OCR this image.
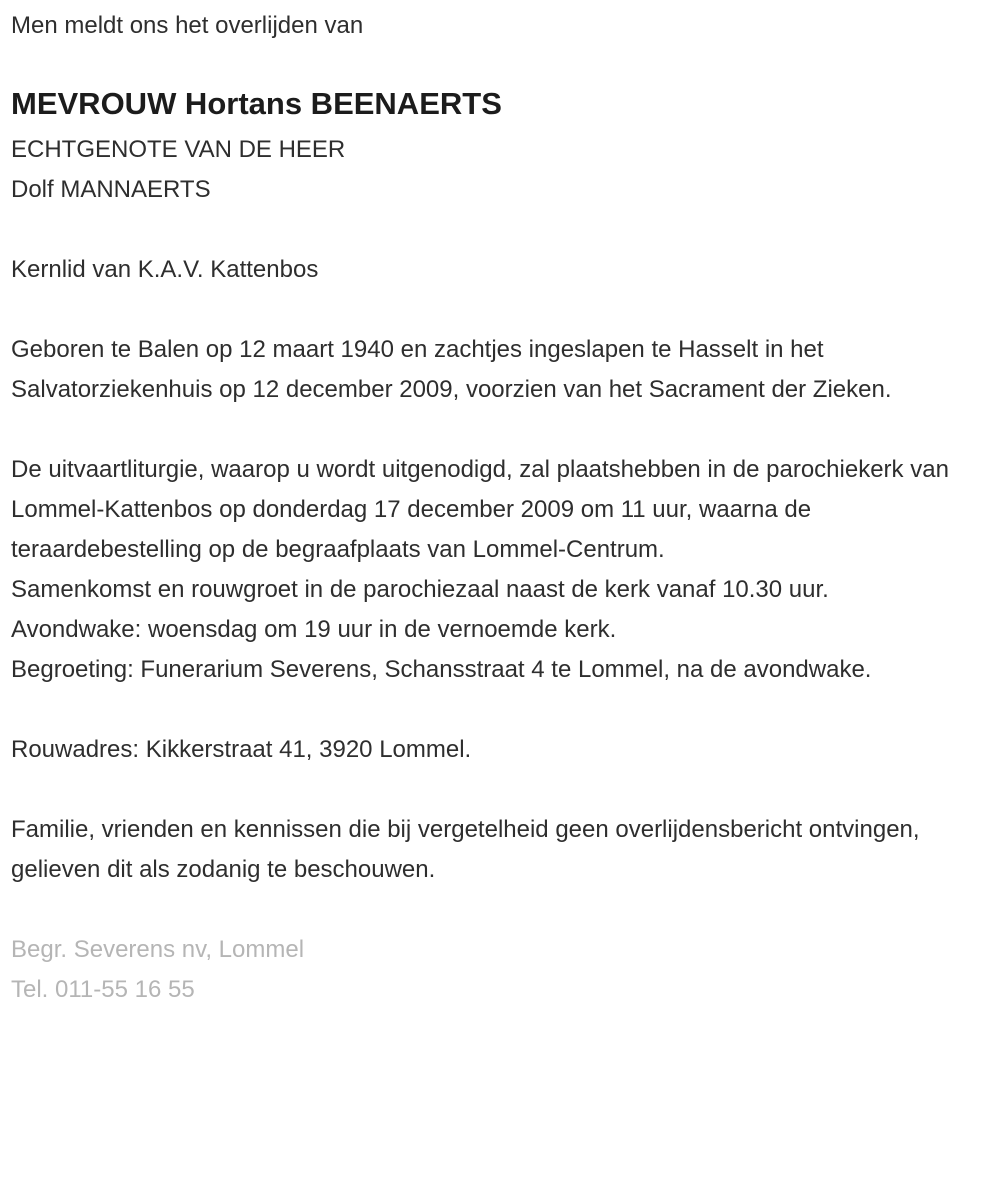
Men meldt ons het overlijden van

MEVROUW Hortans BEENAERTS

ECHTGENOTE VAN DE HEER

Dolf MANNAERTS

Kernlid van K.A.V. Kattenbos

Geboren te Balen op 12 maart 1940 en zachtjes ingeslapen te Hasselt in het Salvatorziekenhuis op 12 december 2009, voorzien van het Sacrament der Zieken.

De uitvaartliturgie, waarop u wordt uitgenodigd, zal plaatshebben in de parochiekerk van Lommel-Kattenbos op donderdag 17 december 2009 om 11 uur, waarna de teraardebestelling op de begraafplaats van Lommel-Centrum.

Samenkomst en rouwgroet in de parochiezaal naast de kerk vanaf 10.30 uur.

Avondwake: woensdag om 19 uur in de vernoemde kerk.

Begroeting: Funerarium Severens, Schansstraat 4 te Lommel, na de avondwake.

Rouwadres: Kikkerstraat 41, 3920 Lommel.

Familie, vrienden en kennissen die bij vergetelheid geen overlijdensbericht ontvingen, gelieven dit als zodanig te beschouwen.

Begr. Severens nv, Lommel

Tel. 011-55 16 55
